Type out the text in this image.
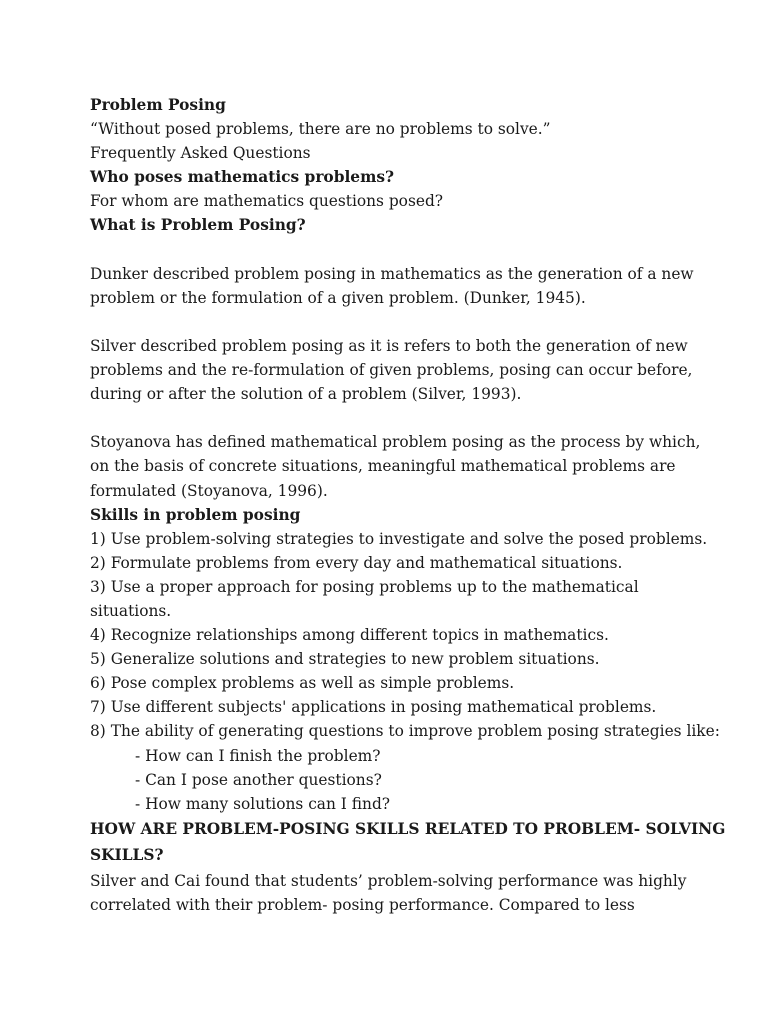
Problem Posing

“Without posed problems, there are no problems to solve.”

Frequently Asked Questions

Who poses mathematics problems?

For whom are mathematics questions posed?

What is Problem Posing?

Dunker described problem posing in mathematics as the generation of a new

problem or the formulation of a given problem. (Dunker, 1945).

Silver described problem posing as it is refers to both the generation of new

problems and the re-formulation of given problems, posing can occur before,

during or after the solution of a problem (Silver, 1993).

Stoyanova has defined mathematical problem posing as the process by which,

on the basis of concrete situations, meaningful mathematical problems are

formulated (Stoyanova, 1996).

Skills in problem posing

1) Use problem-solving strategies to investigate and solve the posed problems.

2) Formulate problems from every day and mathematical situations.

3) Use a proper approach for posing problems up to the mathematical

situations.

4) Recognize relationships among different topics in mathematics.

5) Generalize solutions and strategies to new problem situations.

6) Pose complex problems as well as simple problems.

7) Use different subjects' applications in posing mathematical problems.

8) The ability of generating questions to improve problem posing strategies like:

- How can I finish the problem?

- Can I pose another questions?

- How many solutions can I find?

HOW ARE PROBLEM-POSING SKILLS RELATED TO PROBLEM- SOLVING

SKILLS?

Silver and Cai found that students’ problem-solving performance was highly

correlated with their problem- posing performance. Compared to less
